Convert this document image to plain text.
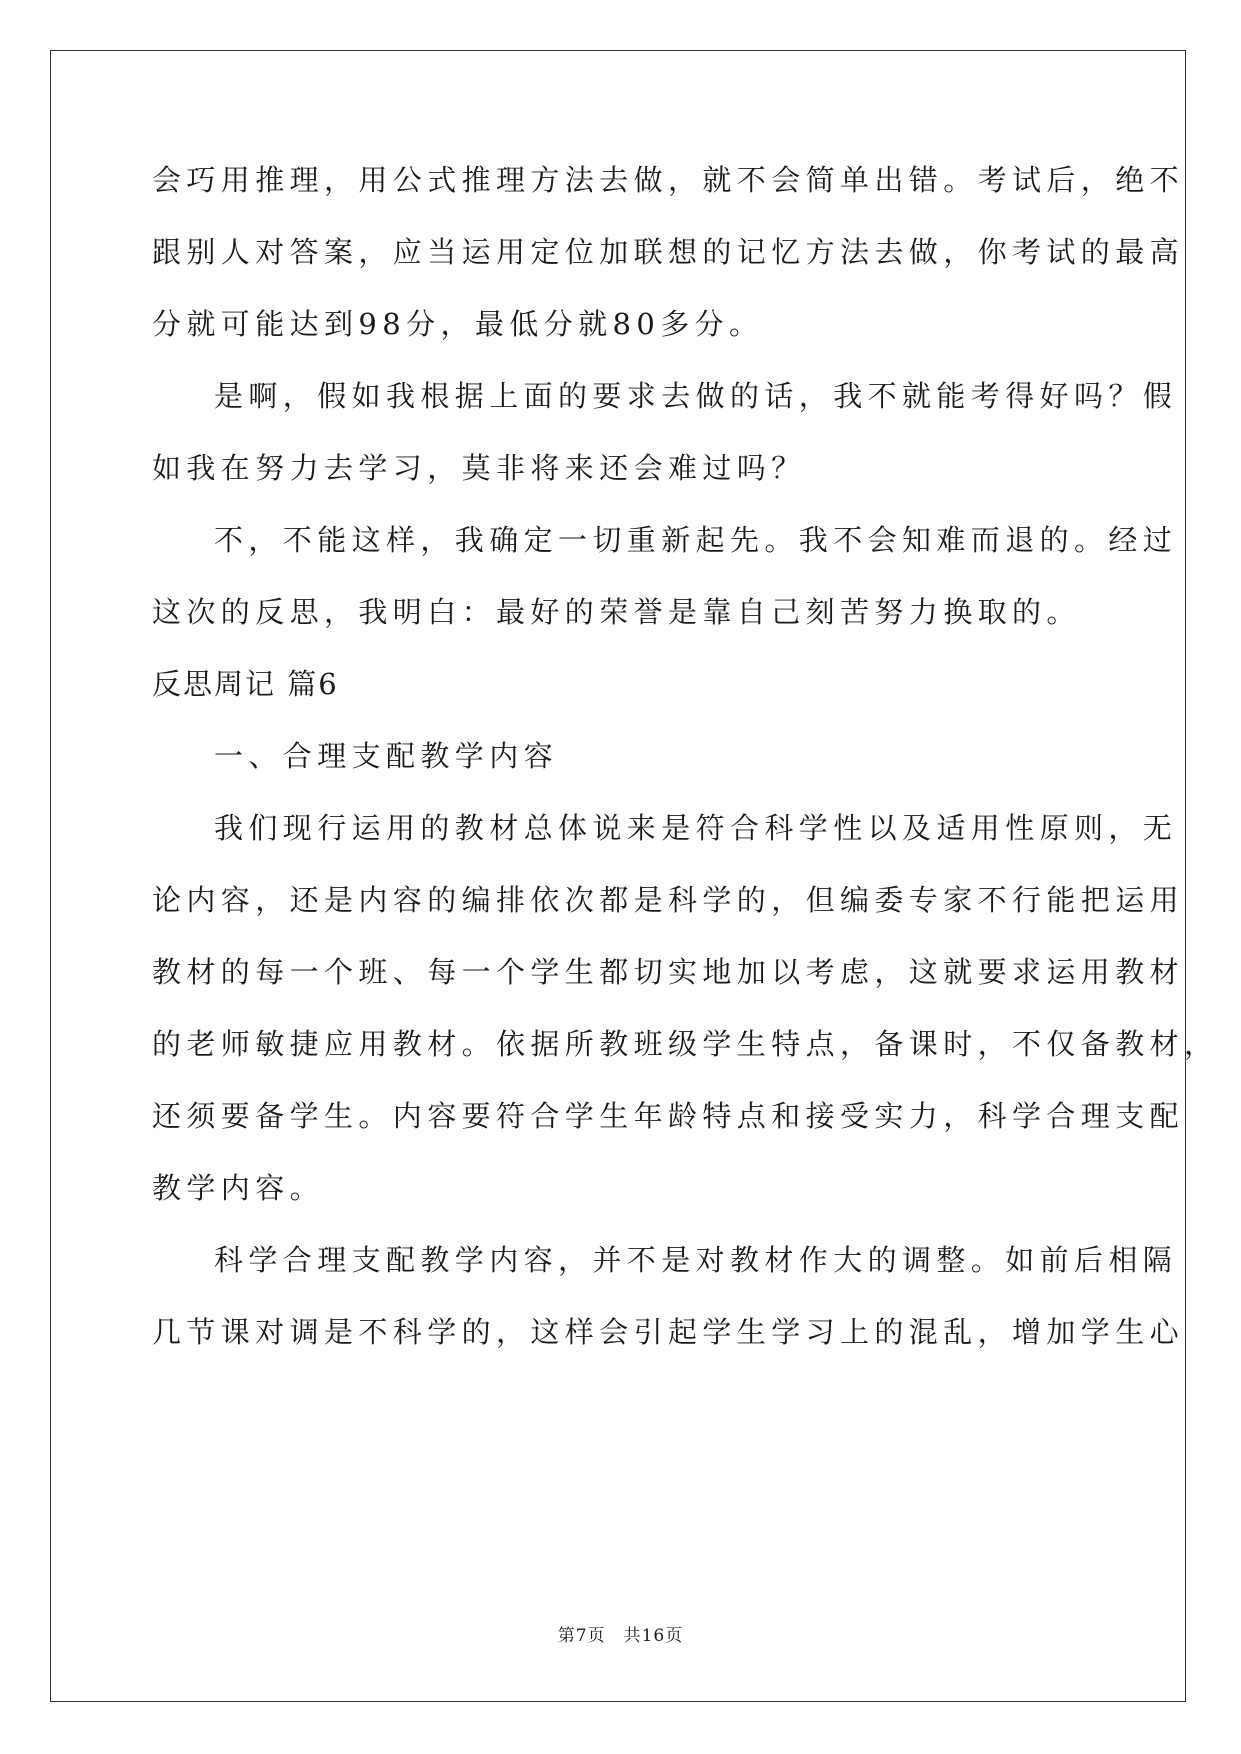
会巧用推理，用公式推理方法去做，就不会简单出错。考试后，绝不
跟别人对答案，应当运用定位加联想的记忆方法去做，你考试的最高
分就可能达到98分，最低分就80多分。
是啊，假如我根据上面的要求去做的话，我不就能考得好吗？假
如我在努力去学习，莫非将来还会难过吗？
不，不能这样，我确定一切重新起先。我不会知难而退的。经过
这次的反思，我明白：最好的荣誉是靠自己刻苦努力换取的。
反思周记 篇6
一、合理支配教学内容
我们现行运用的教材总体说来是符合科学性以及适用性原则，无
论内容，还是内容的编排依次都是科学的，但编委专家不行能把运用
教材的每一个班、每一个学生都切实地加以考虑，这就要求运用教材
的老师敏捷应用教材。依据所教班级学生特点，备课时，不仅备教材，
还须要备学生。内容要符合学生年龄特点和接受实力，科学合理支配
教学内容。
科学合理支配教学内容，并不是对教材作大的调整。如前后相隔
几节课对调是不科学的，这样会引起学生学习上的混乱，增加学生心
第7页　共16页
